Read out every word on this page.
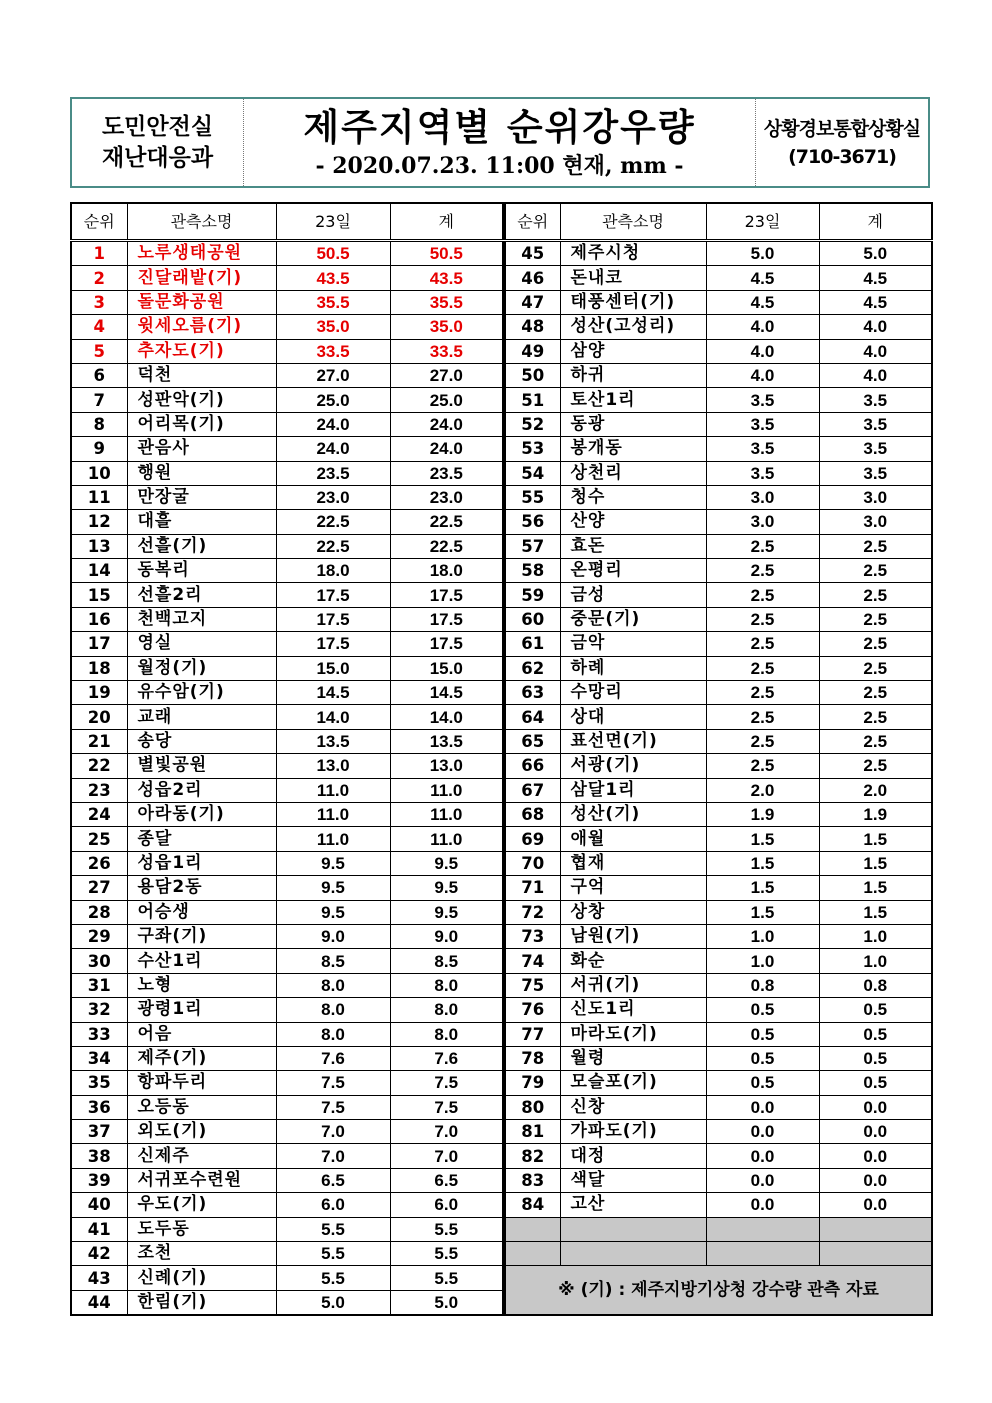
도민안전실
재난대응과
제주지역별 순위강우량
- 2020.07.23. 11:00 현재, mm -
상황경보통합상황실
(710-3671)
순위	관측소명	23일	계
1	노루생태공원	50.5	50.5
2	진달래밭(기)	43.5	43.5
3	돌문화공원	35.5	35.5
4	윗세오름(기)	35.0	35.0
5	추자도(기)	33.5	33.5
6	덕천	27.0	27.0
7	성판악(기)	25.0	25.0
8	어리목(기)	24.0	24.0
9	관음사	24.0	24.0
10	행원	23.5	23.5
11	만장굴	23.0	23.0
12	대흘	22.5	22.5
13	선흘(기)	22.5	22.5
14	동복리	18.0	18.0
15	선흘2리	17.5	17.5
16	천백고지	17.5	17.5
17	영실	17.5	17.5
18	월정(기)	15.0	15.0
19	유수암(기)	14.5	14.5
20	교래	14.0	14.0
21	송당	13.5	13.5
22	별빛공원	13.0	13.0
23	성읍2리	11.0	11.0
24	아라동(기)	11.0	11.0
25	종달	11.0	11.0
26	성읍1리	9.5	9.5
27	용담2동	9.5	9.5
28	어승생	9.5	9.5
29	구좌(기)	9.0	9.0
30	수산1리	8.5	8.5
31	노형	8.0	8.0
32	광령1리	8.0	8.0
33	어음	8.0	8.0
34	제주(기)	7.6	7.6
35	항파두리	7.5	7.5
36	오등동	7.5	7.5
37	외도(기)	7.0	7.0
38	신제주	7.0	7.0
39	서귀포수련원	6.5	6.5
40	우도(기)	6.0	6.0
41	도두동	5.5	5.5
42	조천	5.5	5.5
43	신례(기)	5.5	5.5
44	한림(기)	5.0	5.0
순위	관측소명	23일	계
45	제주시청	5.0	5.0
46	돈내코	4.5	4.5
47	태풍센터(기)	4.5	4.5
48	성산(고성리)	4.0	4.0
49	삼양	4.0	4.0
50	하귀	4.0	4.0
51	토산1리	3.5	3.5
52	동광	3.5	3.5
53	봉개동	3.5	3.5
54	상천리	3.5	3.5
55	청수	3.0	3.0
56	산양	3.0	3.0
57	효돈	2.5	2.5
58	온평리	2.5	2.5
59	금성	2.5	2.5
60	중문(기)	2.5	2.5
61	금악	2.5	2.5
62	하례	2.5	2.5
63	수망리	2.5	2.5
64	상대	2.5	2.5
65	표선면(기)	2.5	2.5
66	서광(기)	2.5	2.5
67	삼달1리	2.0	2.0
68	성산(기)	1.9	1.9
69	애월	1.5	1.5
70	협재	1.5	1.5
71	구억	1.5	1.5
72	상창	1.5	1.5
73	남원(기)	1.0	1.0
74	화순	1.0	1.0
75	서귀(기)	0.8	0.8
76	신도1리	0.5	0.5
77	마라도(기)	0.5	0.5
78	월령	0.5	0.5
79	모슬포(기)	0.5	0.5
80	신창	0.0	0.0
81	가파도(기)	0.0	0.0
82	대정	0.0	0.0
83	색달	0.0	0.0
84	고산	0.0	0.0

※ (기) : 제주지방기상청 강수량 관측 자료			
